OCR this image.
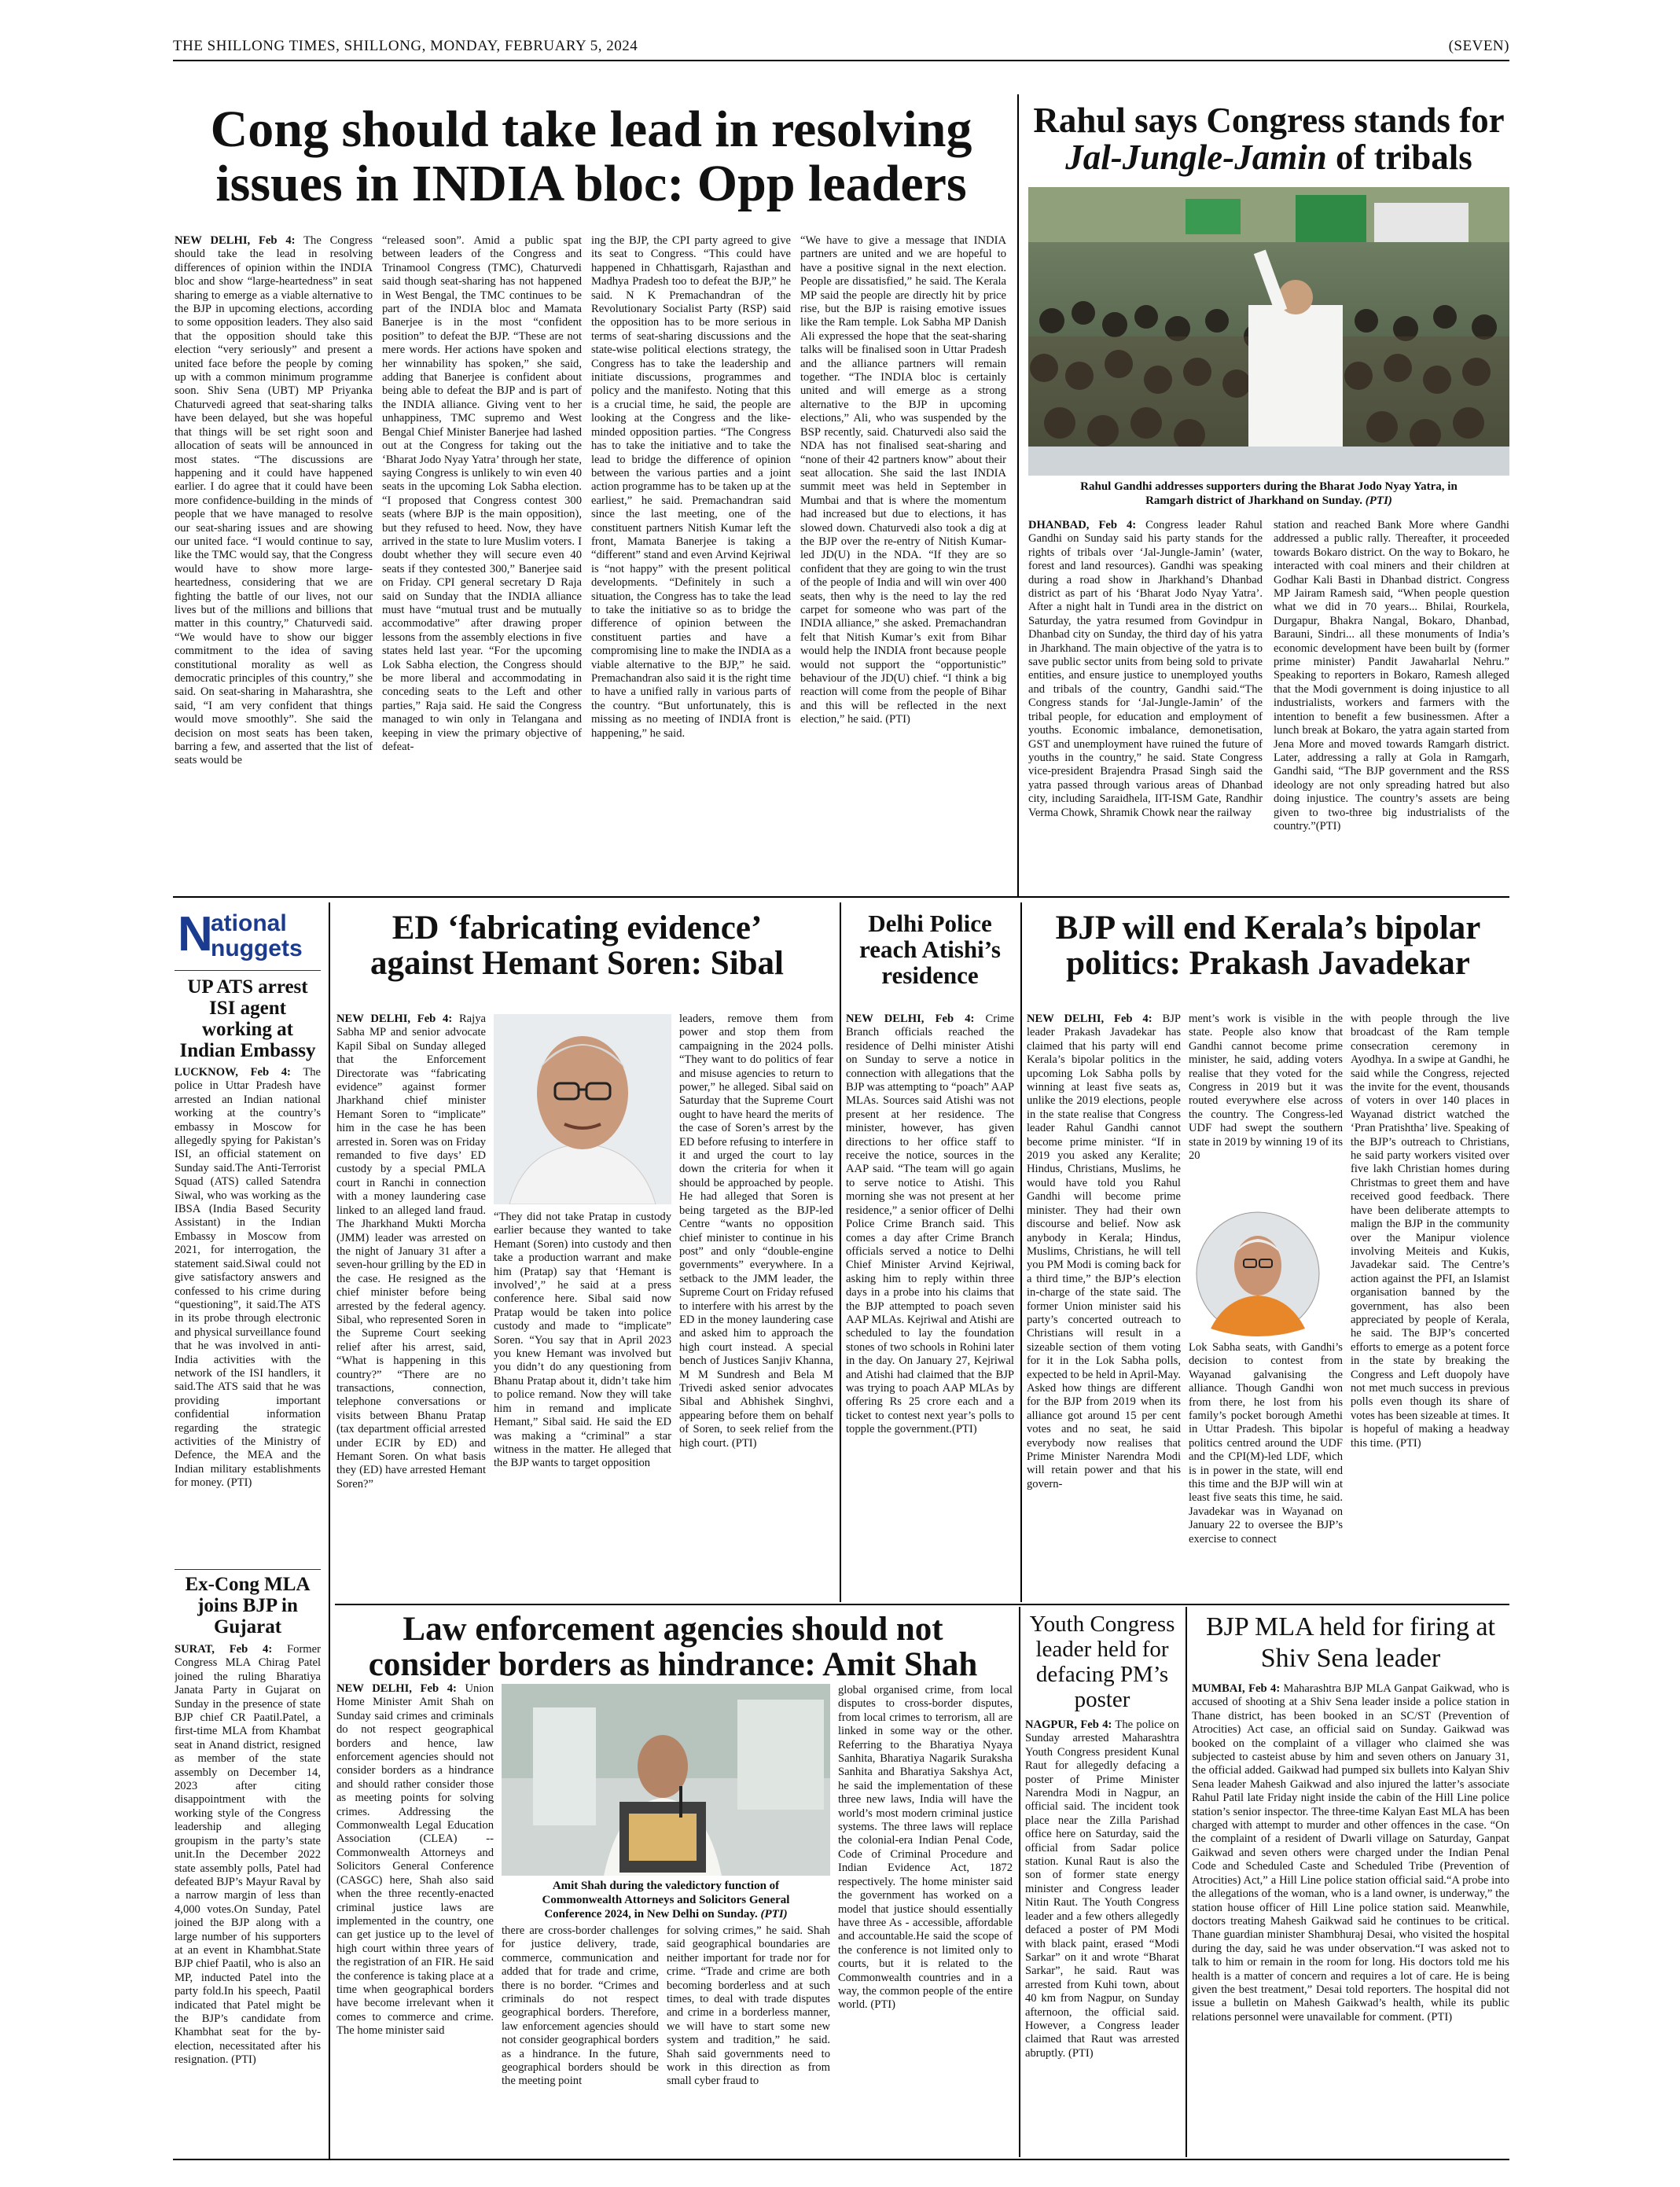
THE SHILLONG TIMES, SHILLONG, MONDAY, FEBRUARY 5, 2024	(SEVEN)
Cong should take lead in resolving
issues in INDIA bloc: Opp leaders

NEW DELHI, Feb 4: The Congress should take the lead in resolving differences of opinion within the INDIA bloc and show “large-heartedness” in seat sharing to emerge as a viable alternative to the BJP in upcoming elections, according to some opposition leaders. They also said that the opposition should take this election “very seriously” and present a united face before the people by coming up with a common minimum programme soon. Shiv Sena (UBT) MP Priyanka Chaturvedi agreed that seat-sharing talks have been delayed, but she was hopeful that things will be set right soon and allocation of seats will be announced in most states. “The discussions are happening and it could have happened earlier. I do agree that it could have been more confidence-building in the minds of people that we have managed to resolve our seat-sharing issues and are showing our united face. “I would continue to say, like the TMC would say, that the Congress would have to show more large-heartedness, considering that we are fighting the battle of our lives, not our lives but of the millions and billions that matter in this country,” Chaturvedi said. “We would have to show our bigger commitment to the idea of saving constitutional morality as well as democratic principles of this country,” she said. On seat-sharing in Maharashtra, she said, “I am very confident that things would move smoothly”. She said the decision on most seats has been taken, barring a few, and asserted that the list of seats would be

“released soon”. Amid a public spat between leaders of the Congress and Trinamool Congress (TMC), Chaturvedi said though seat-sharing has not happened in West Bengal, the TMC continues to be part of the INDIA bloc and Mamata Banerjee is in the most “confident position” to defeat the BJP. “These are not mere words. Her actions have spoken and her winnability has spoken,” she said, adding that Banerjee is confident about being able to defeat the BJP and is part of the INDIA alliance. Giving vent to her unhappiness, TMC supremo and West Bengal Chief Minister Banerjee had lashed out at the Congress for taking out the ‘Bharat Jodo Nyay Yatra’ through her state, saying Congress is unlikely to win even 40 seats in the upcoming Lok Sabha election. “I proposed that Congress contest 300 seats (where BJP is the main opposition), but they refused to heed. Now, they have arrived in the state to lure Muslim voters. I doubt whether they will secure even 40 seats if they contested 300,” Banerjee said on Friday. CPI general secretary D Raja said on Sunday that the INDIA alliance must have “mutual trust and be mutually accommodative” after drawing proper lessons from the assembly elections in five states held last year. “For the upcoming Lok Sabha election, the Congress should be more liberal and accommodating in conceding seats to the Left and other parties,” Raja said. He said the Congress managed to win only in Telangana and keeping in view the primary objective of defeat-

ing the BJP, the CPI party agreed to give its seat to Congress. “This could have happened in Chhattisgarh, Rajasthan and Madhya Pradesh too to defeat the BJP,” he said. N K Premachandran of the Revolutionary Socialist Party (RSP) said the opposition has to be more serious in terms of seat-sharing discussions and the state-wise political elections strategy, the Congress has to take the leadership and initiate discussions, programmes and policy and the manifesto. Noting that this is a crucial time, he said, the people are looking at the Congress and the like-minded opposition parties. “The Congress has to take the initiative and to take the lead to bridge the difference of opinion between the various parties and a joint action programme has to be taken up at the earliest,” he said. Premachandran said since the last meeting, one of the constituent partners Nitish Kumar left the front, Mamata Banerjee is taking a “different” stand and even Arvind Kejriwal is “not happy” with the present political developments. “Definitely in such a situation, the Congress has to take the lead to take the initiative so as to bridge the difference of opinion between the constituent parties and have a compromising line to make the INDIA as a viable alternative to the BJP,” he said. Premachandran also said it is the right time to have a unified rally in various parts of the country. “But unfortunately, this is missing as no meeting of INDIA front is happening,” he said.

“We have to give a message that INDIA partners are united and we are hopeful to have a positive signal in the next election. People are dissatisfied,” he said. The Kerala MP said the people are directly hit by price rise, but the BJP is raising emotive issues like the Ram temple. Lok Sabha MP Danish Ali expressed the hope that the seat-sharing talks will be finalised soon in Uttar Pradesh and the alliance partners will remain together. “The INDIA bloc is certainly united and will emerge as a strong alternative to the BJP in upcoming elections,” Ali, who was suspended by the BSP recently, said. Chaturvedi also said the NDA has not finalised seat-sharing and “none of their 42 partners know” about their seat allocation. She said the last INDIA summit meet was held in September in Mumbai and that is where the momentum had increased but due to elections, it has slowed down. Chaturvedi also took a dig at the BJP over the re-entry of Nitish Kumar-led JD(U) in the NDA. “If they are so confident that they are going to win the trust of the people of India and will win over 400 seats, then why is the need to lay the red carpet for someone who was part of the INDIA alliance,” she asked. Premachandran felt that Nitish Kumar’s exit from Bihar would help the INDIA front because people would not support the “opportunistic” behaviour of the JD(U) chief. “I think a big reaction will come from the people of Bihar and this will be reflected in the next election,” he said. (PTI)

Rahul says Congress stands for
Jal-Jungle-Jamin of tribals
Rahul Gandhi addresses supporters during the Bharat Jodo Nyay Yatra, in
Ramgarh district of Jharkhand on Sunday. (PTI)

DHANBAD, Feb 4: Congress leader Rahul Gandhi on Sunday said his party stands for the rights of tribals over ‘Jal-Jungle-Jamin’ (water, forest and land resources). Gandhi was speaking during a road show in Jharkhand’s Dhanbad district as part of his ‘Bharat Jodo Nyay Yatra’. After a night halt in Tundi area in the district on Saturday, the yatra resumed from Govindpur in Dhanbad city on Sunday, the third day of his yatra in Jharkhand. The main objective of the yatra is to save public sector units from being sold to private entities, and ensure justice to unemployed youths and tribals of the country, Gandhi said.“The Congress stands for ‘Jal-Jungle-Jamin’ of the tribal people, for education and employment of youths. Economic imbalance, demonetisation, GST and unemployment have ruined the future of youths in the country,” he said. State Congress vice-president Brajendra Prasad Singh said the yatra passed through various areas of Dhanbad city, including Saraidhela, IIT-ISM Gate, Randhir Verma Chowk, Shramik Chowk near the railway

station and reached Bank More where Gandhi addressed a public rally. Thereafter, it proceeded towards Bokaro district. On the way to Bokaro, he interacted with coal miners and their children at Godhar Kali Basti in Dhanbad district. Congress MP Jairam Ramesh said, “When people question what we did in 70 years... Bhilai, Rourkela, Durgapur, Bhakra Nangal, Bokaro, Dhanbad, Barauni, Sindri... all these monuments of India’s economic development have been built by (former prime minister) Pandit Jawaharlal Nehru.” Speaking to reporters in Bokaro, Ramesh alleged that the Modi government is doing injustice to all industrialists, workers and farmers with the intention to benefit a few businessmen. After a lunch break at Bokaro, the yatra again started from Jena More and moved towards Ramgarh district. Later, addressing a rally at Gola in Ramgarh, Gandhi said, “The BJP government and the RSS ideology are not only spreading hatred but also doing injustice. The country’s assets are being given to two-three big industrialists of the country.”(PTI)

N
ational
nuggets
UP ATS arrest ISI agent working at Indian Embassy

LUCKNOW, Feb 4: The police in Uttar Pradesh have arrested an Indian national working at the country’s embassy in Moscow for allegedly spying for Pakistan’s ISI, an official statement on Sunday said.The Anti-Terrorist Squad (ATS) called Satendra Siwal, who was working as the IBSA (India Based Security Assistant) in the Indian Embassy in Moscow from 2021, for interrogation, the statement said.Siwal could not give satisfactory answers and confessed to his crime during “questioning”, it said.The ATS in its probe through electronic and physical surveillance found that he was involved in anti-India activities with the network of the ISI handlers, it said.The ATS said that he was providing important confidential information regarding the strategic activities of the Ministry of Defence, the MEA and the Indian military establishments for money. (PTI)

Ex-Cong MLA joins BJP in Gujarat

SURAT, Feb 4: Former Congress MLA Chirag Patel joined the ruling Bharatiya Janata Party in Gujarat on Sunday in the presence of state BJP chief CR Paatil.Patel, a first-time MLA from Khambat seat in Anand district, resigned as member of the state assembly on December 14, 2023 after citing disappointment with the working style of the Congress leadership and alleging groupism in the party’s state unit.In the December 2022 state assembly polls, Patel had defeated BJP’s Mayur Raval by a narrow margin of less than 4,000 votes.On Sunday, Patel joined the BJP along with a large number of his supporters at an event in Khambhat.State BJP chief Paatil, who is also an MP, inducted Patel into the party fold.In his speech, Paatil indicated that Patel might be the BJP’s candidate from Khambhat seat for the by-election, necessitated after his resignation. (PTI)

ED ‘fabricating evidence’
against Hemant Soren: Sibal

NEW DELHI, Feb 4: Rajya Sabha MP and senior advocate Kapil Sibal on Sunday alleged that the Enforcement Directorate was “fabricating evidence” against former Jharkhand chief minister Hemant Soren to “implicate” him in the case he has been arrested in. Soren was on Friday remanded to five days’ ED custody by a special PMLA court in Ranchi in connection with a money laundering case linked to an alleged land fraud. The Jharkhand Mukti Morcha (JMM) leader was arrested on the night of January 31 after a seven-hour grilling by the ED in the case. He resigned as the chief minister before being arrested by the federal agency. Sibal, who represented Soren in the Supreme Court seeking relief after his arrest, said, “What is happening in this country?” “There are no transactions, connection, telephone conversations or visits between Bhanu Pratap (tax department official arrested under ECIR by ED) and Hemant Soren. On what basis they (ED) have arrested Hemant Soren?”

“They did not take Pratap in custody earlier because they wanted to take Hemant (Soren) into custody and then take a production warrant and make him (Pratap) say that ‘Hemant is involved’,” he said at a press conference here. Sibal said now Pratap would be taken into police custody and made to “implicate” Soren. “You say that in April 2023 you knew Hemant was involved but you didn’t do any questioning from Bhanu Pratap about it, didn’t take him to police remand. Now they will take him in remand and implicate Hemant,” Sibal said. He said the ED was making a “criminal” a star witness in the matter. He alleged that the BJP wants to target opposition

leaders, remove them from power and stop them from campaigning in the 2024 polls. “They want to do politics of fear and misuse agencies to return to power,” he alleged. Sibal said on Saturday that the Supreme Court ought to have heard the merits of the case of Soren’s arrest by the ED before refusing to interfere in it and urged the court to lay down the criteria for when it should be approached by people. He had alleged that Soren is being targeted as the BJP-led Centre “wants no opposition chief minister to continue in his post” and only “double-engine governments” everywhere. In a setback to the JMM leader, the Supreme Court on Friday refused to interfere with his arrest by the ED in the money laundering case and asked him to approach the high court instead. A special bench of Justices Sanjiv Khanna, M M Sundresh and Bela M Trivedi asked senior advocates Sibal and Abhishek Singhvi, appearing before them on behalf of Soren, to seek relief from the high court. (PTI)

Delhi Police
reach Atishi’s
residence

NEW DELHI, Feb 4: Crime Branch officials reached the residence of Delhi minister Atishi on Sunday to serve a notice in connection with allegations that the BJP was attempting to “poach” AAP MLAs. Sources said Atishi was not present at her residence. The minister, however, has given directions to her office staff to receive the notice, sources in the AAP said. “The team will go again to serve notice to Atishi. This morning she was not present at her residence,” a senior officer of Delhi Police Crime Branch said. This comes a day after Crime Branch officials served a notice to Delhi Chief Minister Arvind Kejriwal, asking him to reply within three days in a probe into his claims that the BJP attempted to poach seven AAP MLAs. Kejriwal and Atishi are scheduled to lay the foundation stones of two schools in Rohini later in the day. On January 27, Kejriwal and Atishi had claimed that the BJP was trying to poach AAP MLAs by offering Rs 25 crore each and a ticket to contest next year’s polls to topple the government.(PTI)

BJP will end Kerala’s bipolar
politics: Prakash Javadekar

NEW DELHI, Feb 4: BJP leader Prakash Javadekar has claimed that his party will end Kerala’s bipolar politics in the upcoming Lok Sabha polls by winning at least five seats as, unlike the 2019 elections, people in the state realise that Congress leader Rahul Gandhi cannot become prime minister. “If in 2019 you asked any Keralite; Hindus, Christians, Muslims, he would have told you Rahul Gandhi will become prime minister. They had their own discourse and belief. Now ask anybody in Kerala; Hindus, Muslims, Christians, he will tell you PM Modi is coming back for a third time,” the BJP’s election in-charge of the state said. The former Union minister said his party’s concerted outreach to Christians will result in a sizeable section of them voting for it in the Lok Sabha polls, expected to be held in April-May. Asked how things are different for the BJP from 2019 when its alliance got around 15 per cent votes and no seat, he said everybody now realises that Prime Minister Narendra Modi will retain power and that his govern-

ment’s work is visible in the state. People also know that Gandhi cannot become prime minister, he said, adding voters realise that they voted for the Congress in 2019 but it was routed everywhere else across the country. The Congress-led UDF had swept the southern state in 2019 by winning 19 of its 20

Lok Sabha seats, with Gandhi’s decision to contest from Wayanad galvanising the alliance. Though Gandhi won from there, he lost from his family’s pocket borough Amethi in Uttar Pradesh. This bipolar politics centred around the UDF and the CPI(M)-led LDF, which is in power in the state, will end this time and the BJP will win at least five seats this time, he said. Javadekar was in Wayanad on January 22 to oversee the BJP’s exercise to connect

with people through the live broadcast of the Ram temple consecration ceremony in Ayodhya. In a swipe at Gandhi, he said while the Congress, rejected the invite for the event, thousands of voters in over 140 places in Wayanad district watched the ‘Pran Pratishtha’ live. Speaking of the BJP’s outreach to Christians, he said party workers visited over five lakh Christian homes during Christmas to greet them and have received good feedback. There have been deliberate attempts to malign the BJP in the community over the Manipur violence involving Meiteis and Kukis, Javadekar said. The Centre’s action against the PFI, an Islamist organisation banned by the government, has also been appreciated by people of Kerala, he said. The BJP’s concerted efforts to emerge as a potent force in the state by breaking the Congress and Left duopoly have not met much success in previous polls even though its share of votes has been sizeable at times. It is hopeful of making a headway this time. (PTI)

Law enforcement agencies should not
consider borders as hindrance: Amit Shah

NEW DELHI, Feb 4: Union Home Minister Amit Shah on Sunday said crimes and criminals do not respect geographical borders and hence, law enforcement agencies should not consider borders as a hindrance and should rather consider those as meeting points for solving crimes. Addressing the Commonwealth Legal Education Association (CLEA) -- Commonwealth Attorneys and Solicitors General Conference (CASGC) here, Shah also said when the three recently-enacted criminal justice laws are implemented in the country, one can get justice up to the level of high court within three years of the registration of an FIR. He said the conference is taking place at a time when geographical borders have become irrelevant when it comes to commerce and crime. The home minister said

Amit Shah during the valedictory function of
Commonwealth Attorneys and Solicitors General
Conference 2024, in New Delhi on Sunday. (PTI)

there are cross-border challenges for justice delivery, trade, commerce, communication and added that for trade and crime, there is no border. “Crimes and criminals do not respect geographical borders. Therefore, law enforcement agencies should not consider geographical borders as a hindrance. In the future, geographical borders should be the meeting point

for solving crimes,” he said. Shah said geographical boundaries are neither important for trade nor for crime. “Trade and crime are both becoming borderless and at such times, to deal with trade disputes and crime in a borderless manner, we will have to start some new system and tradition,” he said. Shah said governments need to work in this direction as from small cyber fraud to

global organised crime, from local disputes to cross-border disputes, from local crimes to terrorism, all are linked in some way or the other. Referring to the Bharatiya Nyaya Sanhita, Bharatiya Nagarik Suraksha Sanhita and Bharatiya Sakshya Act, he said the implementation of these three new laws, India will have the world’s most modern criminal justice systems. The three laws will replace the colonial-era Indian Penal Code, Code of Criminal Procedure and Indian Evidence Act, 1872 respectively. The home minister said the government has worked on a model that justice should essentially have three As - accessible, affordable and accountable.He said the scope of the conference is not limited only to courts, but it is related to the Commonwealth countries and in a way, the common people of the entire world. (PTI)

Youth Congress
leader held for
defacing PM’s
poster

NAGPUR, Feb 4: The police on Sunday arrested Maharashtra Youth Congress president Kunal Raut for allegedly defacing a poster of Prime Minister Narendra Modi in Nagpur, an official said. The incident took place near the Zilla Parishad office here on Saturday, said the official from Sadar police station. Kunal Raut is also the son of former state energy minister and Congress leader Nitin Raut. The Youth Congress leader and a few others allegedly defaced a poster of PM Modi with black paint, erased “Modi Sarkar” on it and wrote “Bharat Sarkar”, he said. Raut was arrested from Kuhi town, about 40 km from Nagpur, on Sunday afternoon, the official said. However, a Congress leader claimed that Raut was arrested abruptly. (PTI)

BJP MLA held for firing at
Shiv Sena leader

MUMBAI, Feb 4: Maharashtra BJP MLA Ganpat Gaikwad, who is accused of shooting at a Shiv Sena leader inside a police station in Thane district, has been booked in an SC/ST (Prevention of Atrocities) Act case, an official said on Sunday. Gaikwad was booked on the complaint of a villager who claimed she was subjected to casteist abuse by him and seven others on January 31, the official added. Gaikwad had pumped six bullets into Kalyan Shiv Sena leader Mahesh Gaikwad and also injured the latter’s associate Rahul Patil late Friday night inside the cabin of the Hill Line police station’s senior inspector. The three-time Kalyan East MLA has been charged with attempt to murder and other offences in the case. “On the complaint of a resident of Dwarli village on Saturday, Ganpat Gaikwad and seven others were charged under the Indian Penal Code and Scheduled Caste and Scheduled Tribe (Prevention of Atrocities) Act,” a Hill Line police station official said.“A probe into the allegations of the woman, who is a land owner, is underway,” the station house officer of Hill Line police station said. Meanwhile, doctors treating Mahesh Gaikwad said he continues to be critical. Thane guardian minister Shambhuraj Desai, who visited the hospital during the day, said he was under observation.“I was asked not to talk to him or remain in the room for long. His doctors told me his health is a matter of concern and requires a lot of care. He is being given the best treatment,” Desai told reporters. The hospital did not issue a bulletin on Mahesh Gaikwad’s health, while its public relations personnel were unavailable for comment. (PTI)
